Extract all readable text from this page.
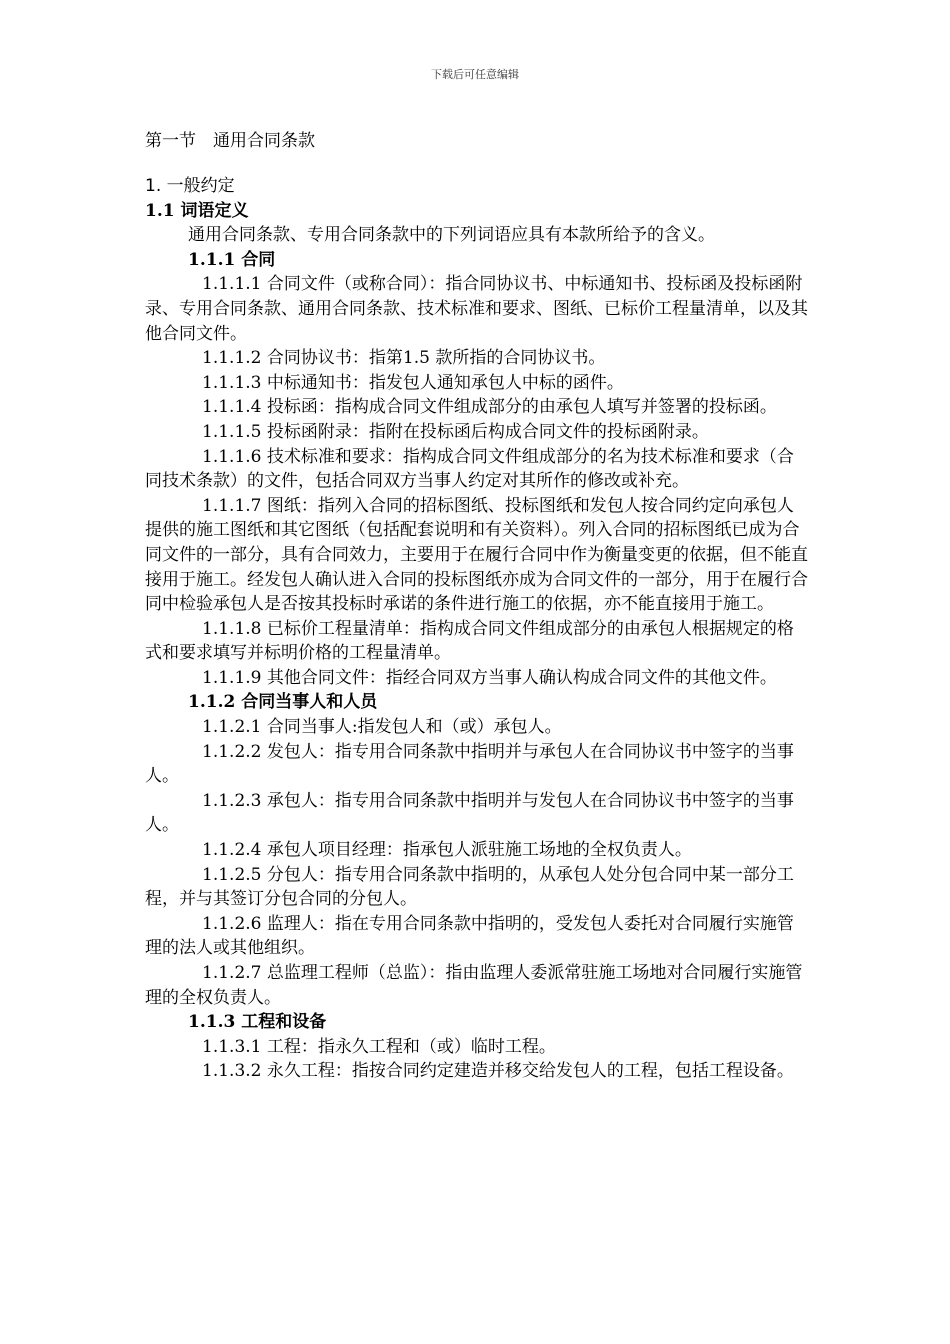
下载后可任意编辑
第一节　通用合同条款

1. 一般约定

1.1 词语定义

通用合同条款、专用合同条款中的下列词语应具有本款所给予的含义。

1.1.1 合同

1.1.1.1 合同文件（或称合同）：指合同协议书、中标通知书、投标函及投标函附录、专用合同条款、通用合同条款、技术标准和要求、图纸、已标价工程量清单，以及其他合同文件。

1.1.1.2 合同协议书：指第1.5 款所指的合同协议书。

1.1.1.3 中标通知书：指发包人通知承包人中标的函件。

1.1.1.4 投标函：指构成合同文件组成部分的由承包人填写并签署的投标函。

1.1.1.5 投标函附录：指附在投标函后构成合同文件的投标函附录。

1.1.1.6 技术标准和要求：指构成合同文件组成部分的名为技术标准和要求（合同技术条款）的文件，包括合同双方当事人约定对其所作的修改或补充。

1.1.1.7 图纸：指列入合同的招标图纸、投标图纸和发包人按合同约定向承包人提供的施工图纸和其它图纸（包括配套说明和有关资料）。列入合同的招标图纸已成为合同文件的一部分，具有合同效力，主要用于在履行合同中作为衡量变更的依据，但不能直接用于施工。经发包人确认进入合同的投标图纸亦成为合同文件的一部分，用于在履行合同中检验承包人是否按其投标时承诺的条件进行施工的依据，亦不能直接用于施工。

1.1.1.8 已标价工程量清单：指构成合同文件组成部分的由承包人根据规定的格式和要求填写并标明价格的工程量清单。

1.1.1.9 其他合同文件：指经合同双方当事人确认构成合同文件的其他文件。

1.1.2 合同当事人和人员

1.1.2.1 合同当事人:指发包人和（或）承包人。

1.1.2.2 发包人：指专用合同条款中指明并与承包人在合同协议书中签字的当事人。

1.1.2.3 承包人：指专用合同条款中指明并与发包人在合同协议书中签字的当事人。

1.1.2.4 承包人项目经理：指承包人派驻施工场地的全权负责人。

1.1.2.5 分包人：指专用合同条款中指明的，从承包人处分包合同中某一部分工程，并与其签订分包合同的分包人。

1.1.2.6 监理人：指在专用合同条款中指明的，受发包人委托对合同履行实施管理的法人或其他组织。

1.1.2.7 总监理工程师（总监）：指由监理人委派常驻施工场地对合同履行实施管理的全权负责人。

1.1.3 工程和设备

1.1.3.1 工程：指永久工程和（或）临时工程。

1.1.3.2 永久工程：指按合同约定建造并移交给发包人的工程，包括工程设备。
